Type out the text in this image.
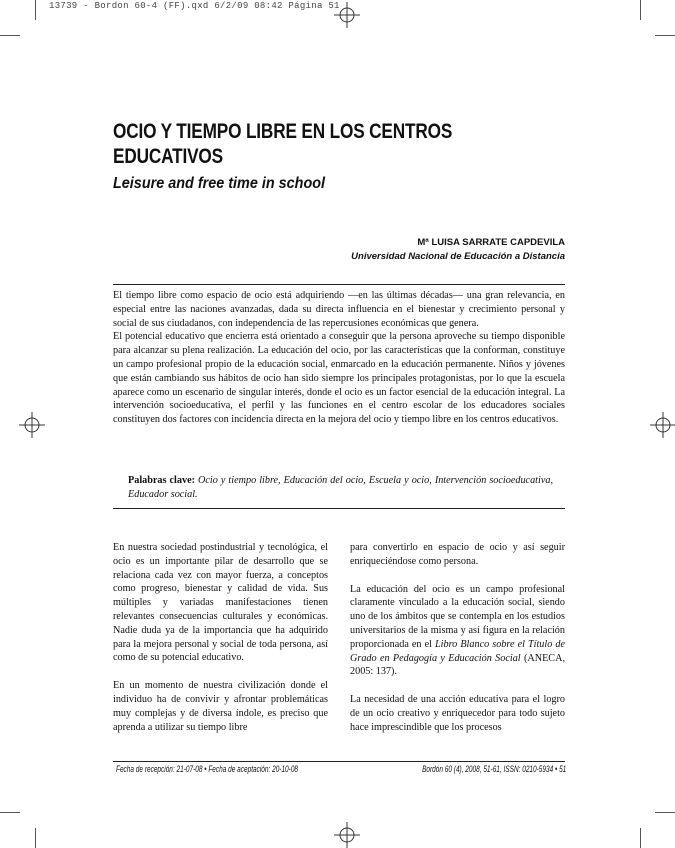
13739 - Bordon 60-4 (FF).qxd 6/2/09 08:42 Página 51
OCIO Y TIEMPO LIBRE EN LOS CENTROS EDUCATIVOS
Leisure and free time in school
Mª LUISA SARRATE CAPDEVILA
Universidad Nacional de Educación a Distancia

El tiempo libre como espacio de ocio está adquiriendo —en las últimas décadas— una gran relevancia, en especial entre las naciones avanzadas, dada su directa influencia en el bienestar y crecimiento personal y social de sus ciudadanos, con independencia de las repercusiones económicas que genera.

El potencial educativo que encierra está orientado a conseguir que la persona aproveche su tiempo disponible para alcanzar su plena realización. La educación del ocio, por las características que la conforman, constituye un campo profesional propio de la educación social, enmarcado en la educación permanente. Niños y jóvenes que están cambiando sus hábitos de ocio han sido siempre los principales protagonistas, por lo que la escuela aparece como un escenario de singular interés, donde el ocio es un factor esencial de la educación integral. La intervención socioeducativa, el perfil y las funciones en el centro escolar de los educadores sociales constituyen dos factores con incidencia directa en la mejora del ocio y tiempo libre en los centros educativos.

Palabras clave: Ocio y tiempo libre, Educación del ocio, Escuela y ocio, Intervención socioeducativa, Educador social.

En nuestra sociedad postindustrial y tecnológica, el ocio es un importante pilar de desarrollo que se relaciona cada vez con mayor fuerza, a conceptos como progreso, bienestar y calidad de vida. Sus múltiples y variadas manifestaciones tienen relevantes consecuencias culturales y económicas. Nadie duda ya de la importancia que ha adquirido para la mejora personal y social de toda persona, así como de su potencial educativo.

En un momento de nuestra civilización donde el individuo ha de convivir y afrontar problemáticas muy complejas y de diversa índole, es preciso que aprenda a utilizar su tiempo libre

para convertirlo en espacio de ocio y así seguir enriqueciéndose como persona.

La educación del ocio es un campo profesional claramente vinculado a la educación social, siendo uno de los ámbitos que se contempla en los estudios universitarios de la misma y así figura en la relación proporcionada en el Libro Blanco sobre el Título de Grado en Pedagogía y Educación Social (ANECA, 2005: 137).

La necesidad de una acción educativa para el logro de un ocio creativo y enriquecedor para todo sujeto hace imprescindible que los procesos

Fecha de recepción: 21-07-08 • Fecha de aceptación: 20-10-08	Bordón 60 (4), 2008, 51-61, ISSN: 0210-5934 • 51
